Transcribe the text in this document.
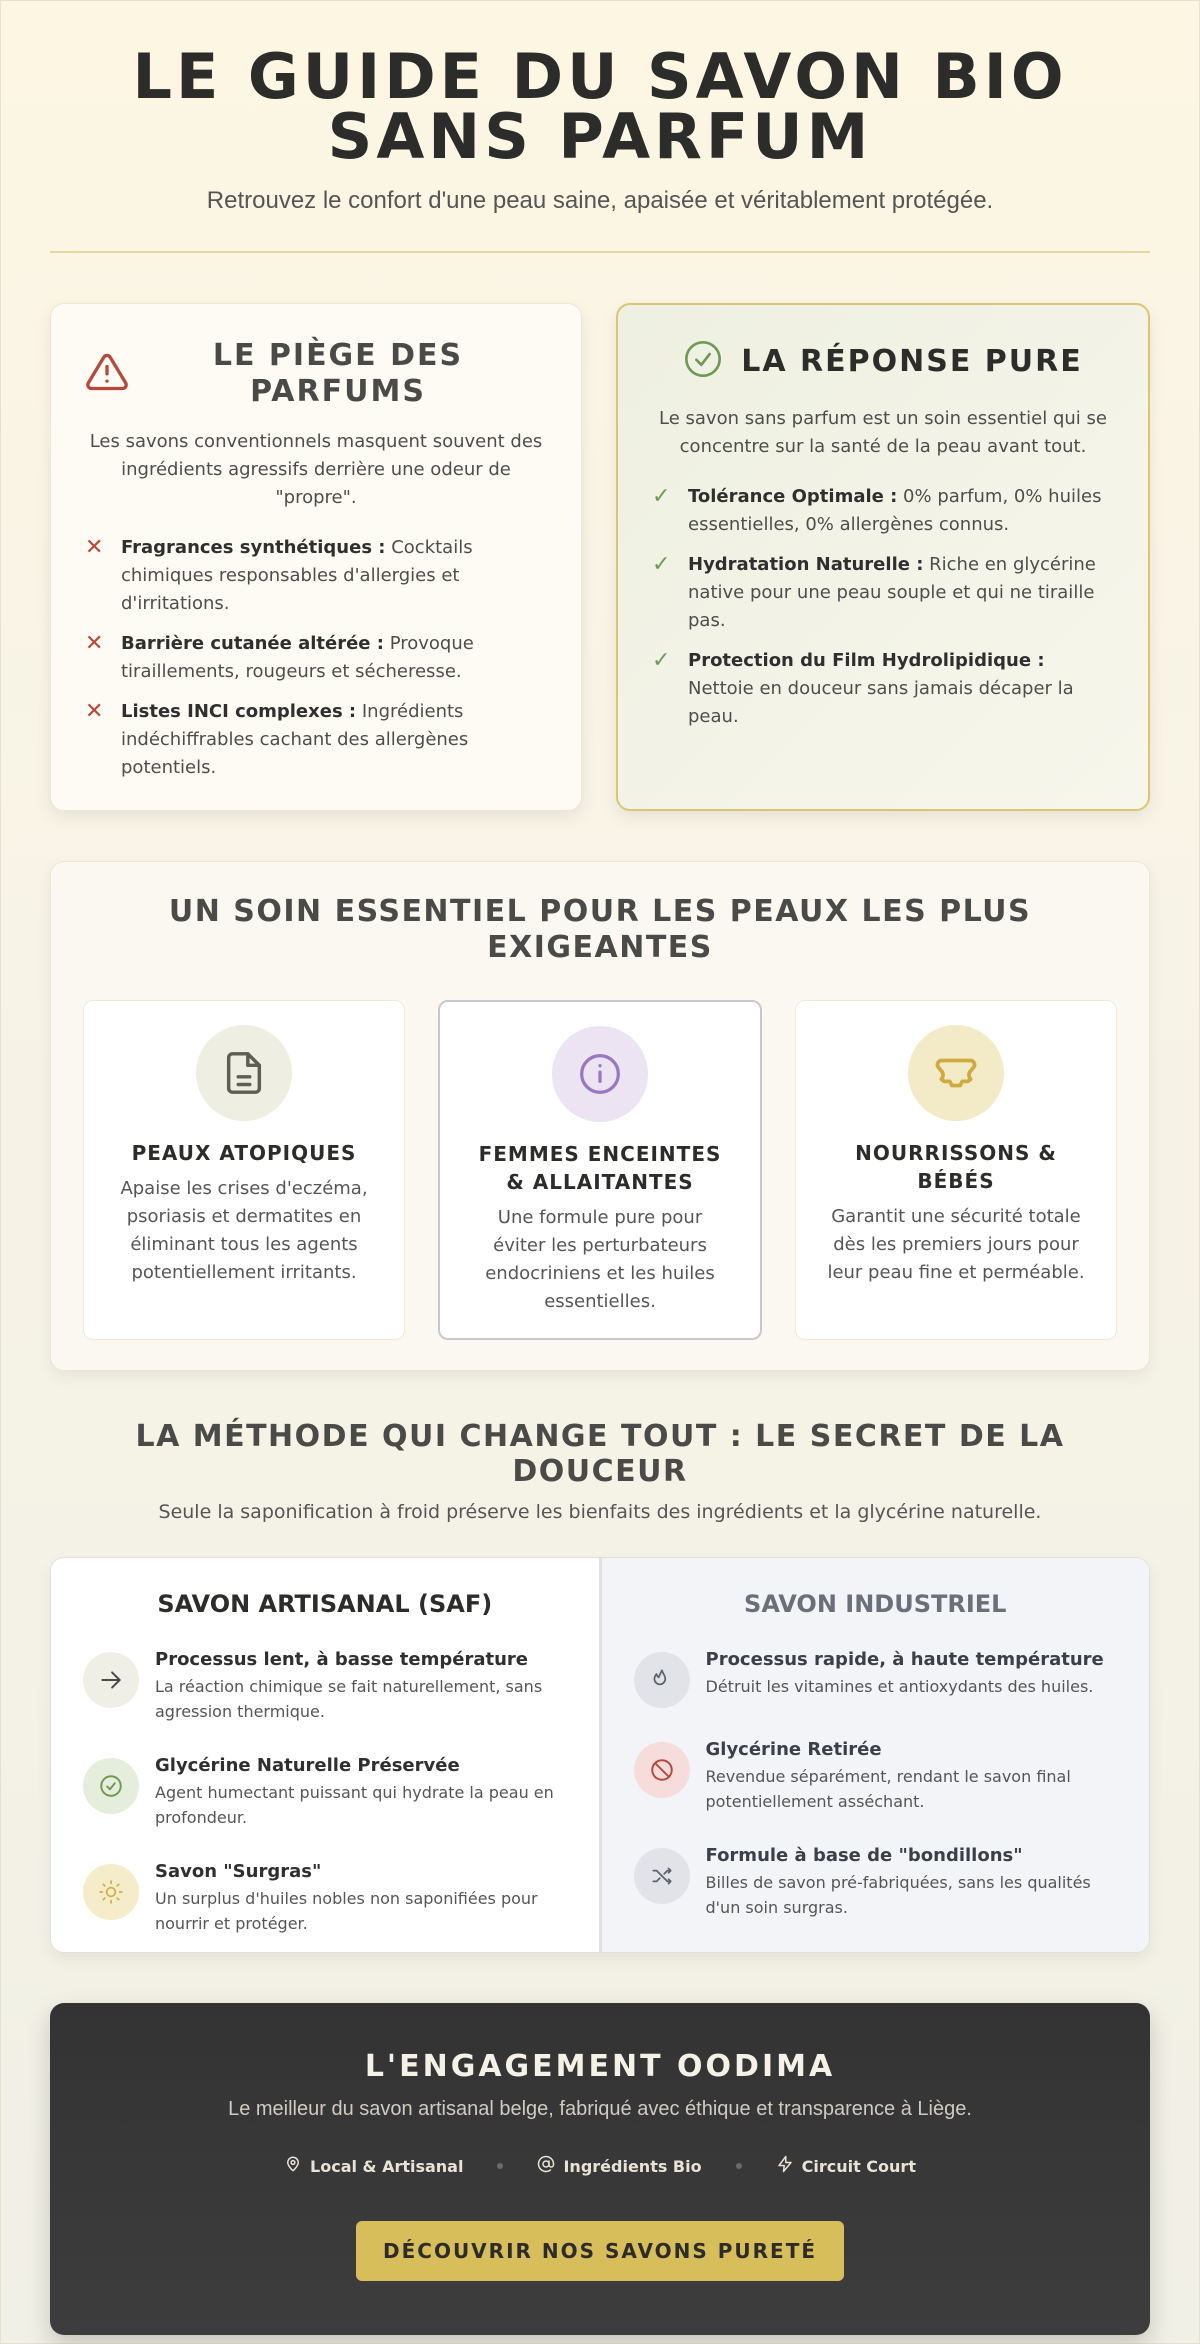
LE GUIDE DU SAVON BIO
SANS PARFUM

Retrouvez le confort d'une peau saine, apaisée et véritablement protégée.

LE PIÈGE DES PARFUMS

Les savons conventionnels masquent souvent des ingrédients agressifs derrière une odeur de "propre".

✕ Fragrances synthétiques : Cocktails chimiques responsables d'allergies et d'irritations.
✕ Barrière cutanée altérée : Provoque tiraillements, rougeurs et sécheresse.
✕ Listes INCI complexes : Ingrédients indéchiffrables cachant des allergènes potentiels.
LA RÉPONSE PURE

Le savon sans parfum est un soin essentiel qui se concentre sur la santé de la peau avant tout.

✓ Tolérance Optimale : 0% parfum, 0% huiles essentielles, 0% allergènes connus.
✓ Hydratation Naturelle : Riche en glycérine native pour une peau souple et qui ne tiraille pas.
✓ Protection du Film Hydrolipidique : Nettoie en douceur sans jamais décaper la peau.
UN SOIN ESSENTIEL POUR LES PEAUX LES PLUS EXIGEANTES
PEAUX ATOPIQUES

Apaise les crises d'eczéma, psoriasis et dermatites en éliminant tous les agents potentiellement irritants.

FEMMES ENCEINTES & ALLAITANTES

Une formule pure pour éviter les perturbateurs endocriniens et les huiles essentielles.

NOURRISSONS & BÉBÉS

Garantit une sécurité totale dès les premiers jours pour leur peau fine et perméable.

LA MÉTHODE QUI CHANGE TOUT : LE SECRET DE LA DOUCEUR

Seule la saponification à froid préserve les bienfaits des ingrédients et la glycérine naturelle.

SAVON ARTISANAL (SAF)
Processus lent, à basse température
La réaction chimique se fait naturellement, sans agression thermique.
Glycérine Naturelle Préservée
Agent humectant puissant qui hydrate la peau en profondeur.
Savon "Surgras"
Un surplus d'huiles nobles non saponifiées pour nourrir et protéger.
SAVON INDUSTRIEL
Processus rapide, à haute température
Détruit les vitamines et antioxydants des huiles.
Glycérine Retirée
Revendue séparément, rendant le savon final potentiellement asséchant.
Formule à base de "bondillons"
Billes de savon pré-fabriquées, sans les qualités d'un soin surgras.
L'ENGAGEMENT OODIMA

Le meilleur du savon artisanal belge, fabriqué avec éthique et transparence à Liège.

Local & Artisanal	Ingrédients Bio	Circuit Court
DÉCOUVRIR NOS SAVONS PURETÉ
